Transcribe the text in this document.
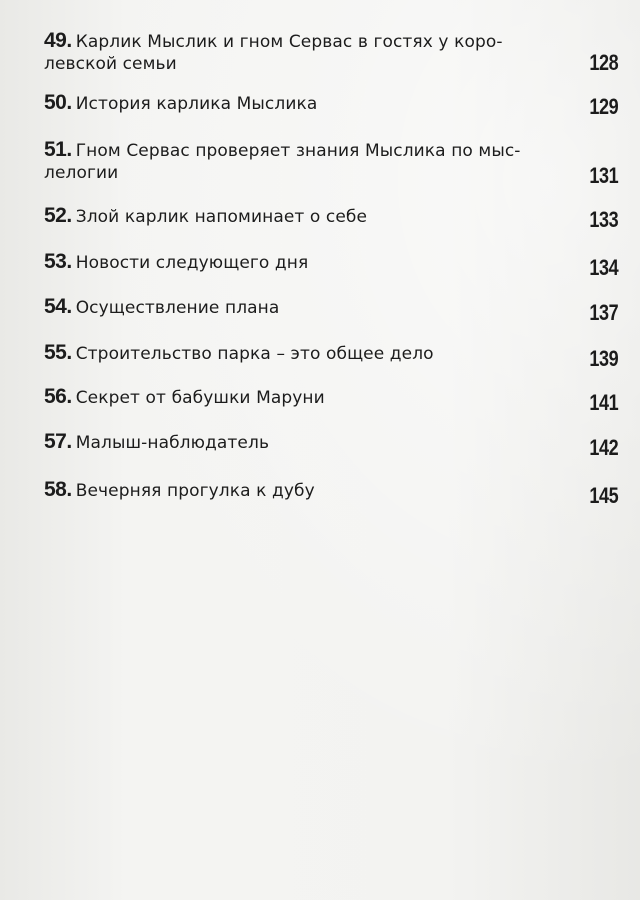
49. Карлик Мыслик и гном Сервас в гостях у коро-
левской семьи	128
50. История карлика Мыслика	129
51. Гном Сервас проверяет знания Мыслика по мыс-
лелогии	131
52. Злой карлик напоминает о себе	133
53. Новости следующего дня	134
54. Осуществление плана	137
55. Строительство парка – это общее дело	139
56. Секрет от бабушки Маруни	141
57. Малыш-наблюдатель	142
58. Вечерняя прогулка к дубу	145
